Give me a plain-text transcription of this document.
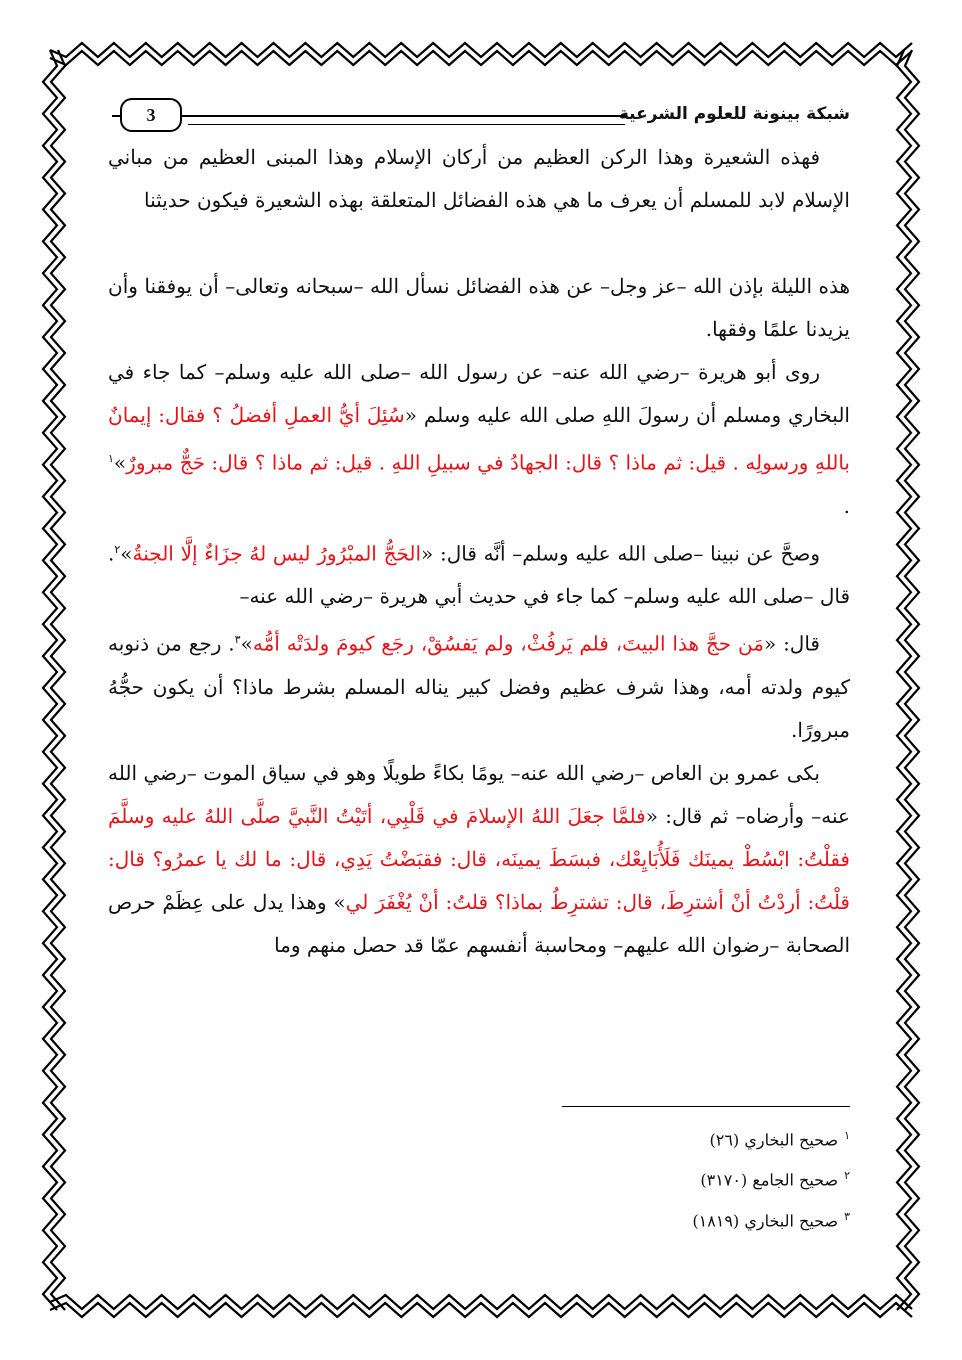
شبكة بينونة للعلوم الشرعية
3

فهذه الشعيرة وهذا الركن العظيم من أركان الإسلام وهذا المبنى العظيم من مباني الإسلام لابد للمسلم أن يعرف ما هي هذه الفضائل المتعلقة بهذه الشعيرة فيكون حديثنا

هذه الليلة بإذن الله –عز وجل– عن هذه الفضائل نسأل الله –سبحانه وتعالى– أن يوفقنا وأن يزيدنا علمًا وفقها.

روى أبو هريرة –رضي الله عنه– عن رسول الله –صلى الله عليه وسلم– كما جاء في البخاري ومسلم أن رسولَ اللهِ صلى الله عليه وسلم «سُئِلَ أيُّ العملِ أفضلُ ؟ فقال: إيمانٌ باللهِ ورسولِه . قيل: ثم ماذا ؟ قال: الجهادُ في سبيلِ اللهِ . قيل: ثم ماذا ؟ قال: حَجٌّ مبرورٌ»$^١$ .

وصحَّ عن نبينا –صلى الله عليه وسلم– أنَّه قال: «الحَجُّ المبْرُورُ ليس لهُ جزَاءٌ إلَّا الجنةُ»$^٢$. قال –صلى الله عليه وسلم– كما جاء في حديث أبي هريرة –رضي الله عنه–

قال: «مَن حجَّ هذا البيتَ، فلم يَرفُثْ، ولم يَفسُقْ، رجَع كيومَ ولدَتْه أمُّه»$^٣$. رجع من ذنوبه كيوم ولدته أمه، وهذا شرف عظيم وفضل كبير يناله المسلم بشرط ماذا؟ أن يكون حجُّهُ مبرورًا.

بكى عمرو بن العاص –رضي الله عنه– يومًا بكاءً طويلًا وهو في سياق الموت –رضي الله عنه– وأرضاه– ثم قال: «فلمَّا جعَلَ اللهُ الإسلامَ في قَلْبِي، أتَيْتُ النَّبيَّ صلَّى اللهُ عليه وسلَّمَ فقلْتُ: ابْسُطْ يمينَك فَلَأُبَايِعْك، فبسَطَ يمينَه، قال: فقبَضْتُ يَدِي، قال: ما لك يا عمرُو؟ قال: قلْتُ: أردْتُ أنْ أشترِطَ، قال: تشترِطُ بماذا؟ قلتُ: أنْ يُغْفَرَ لي» وهذا يدل على عِظَمْ حرص الصحابة –رضوان الله عليهم– ومحاسبة أنفسهم عمّا قد حصل منهم وما

$^١$صحيح البخاري (٢٦)
$^٢$صحيح الجامع (٣١٧٠)
$^٣$صحيح البخاري (١٨١٩)
